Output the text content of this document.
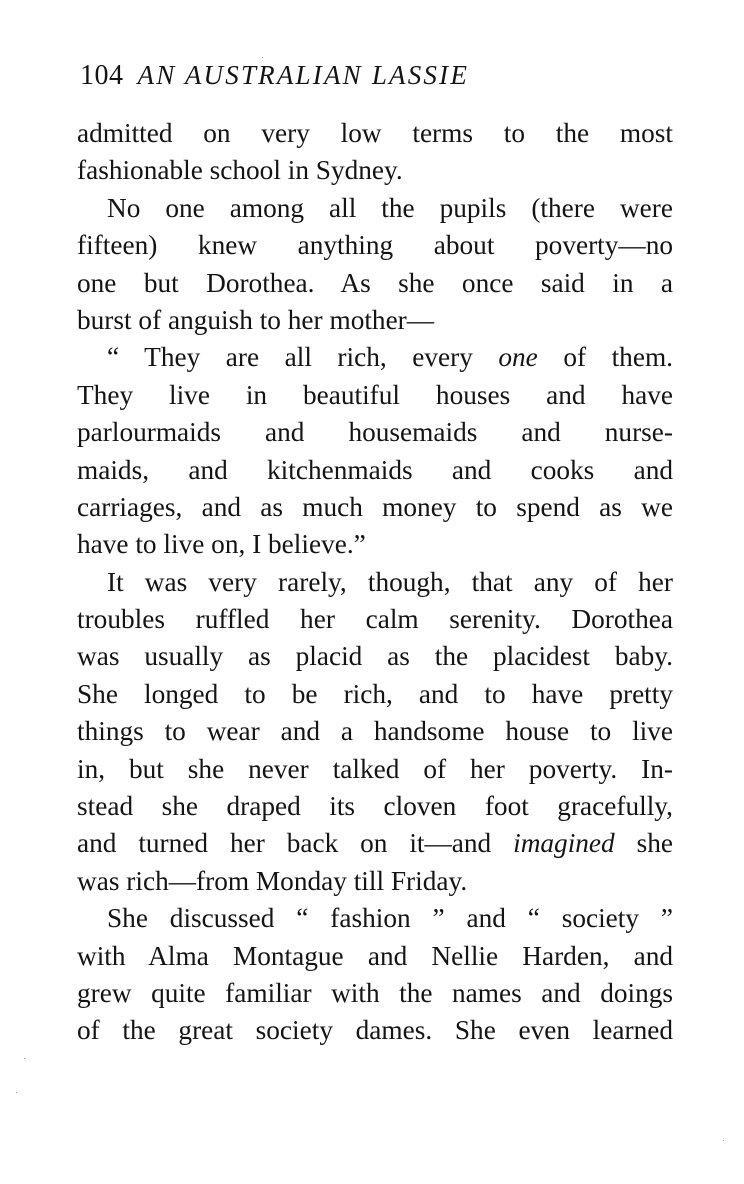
104 AN AUSTRALIAN LASSIE
admitted on very low terms to the most
fashionable school in Sydney.
No one among all the pupils (there were
fifteen) knew anything about poverty—no
one but Dorothea. As she once said in a
burst of anguish to her mother—
“ They are all rich, every one of them.
They live in beautiful houses and have
parlourmaids and housemaids and nurse-
maids, and kitchenmaids and cooks and
carriages, and as much money to spend as we
have to live on, I believe.”
It was very rarely, though, that any of her
troubles ruffled her calm serenity. Dorothea
was usually as placid as the placidest baby.
She longed to be rich, and to have pretty
things to wear and a handsome house to live
in, but she never talked of her poverty. In-
stead she draped its cloven foot gracefully,
and turned her back on it—and imagined she
was rich—from Monday till Friday.
She discussed “ fashion ” and “ society ”
with Alma Montague and Nellie Harden, and
grew quite familiar with the names and doings
of the great society dames. She even learned
